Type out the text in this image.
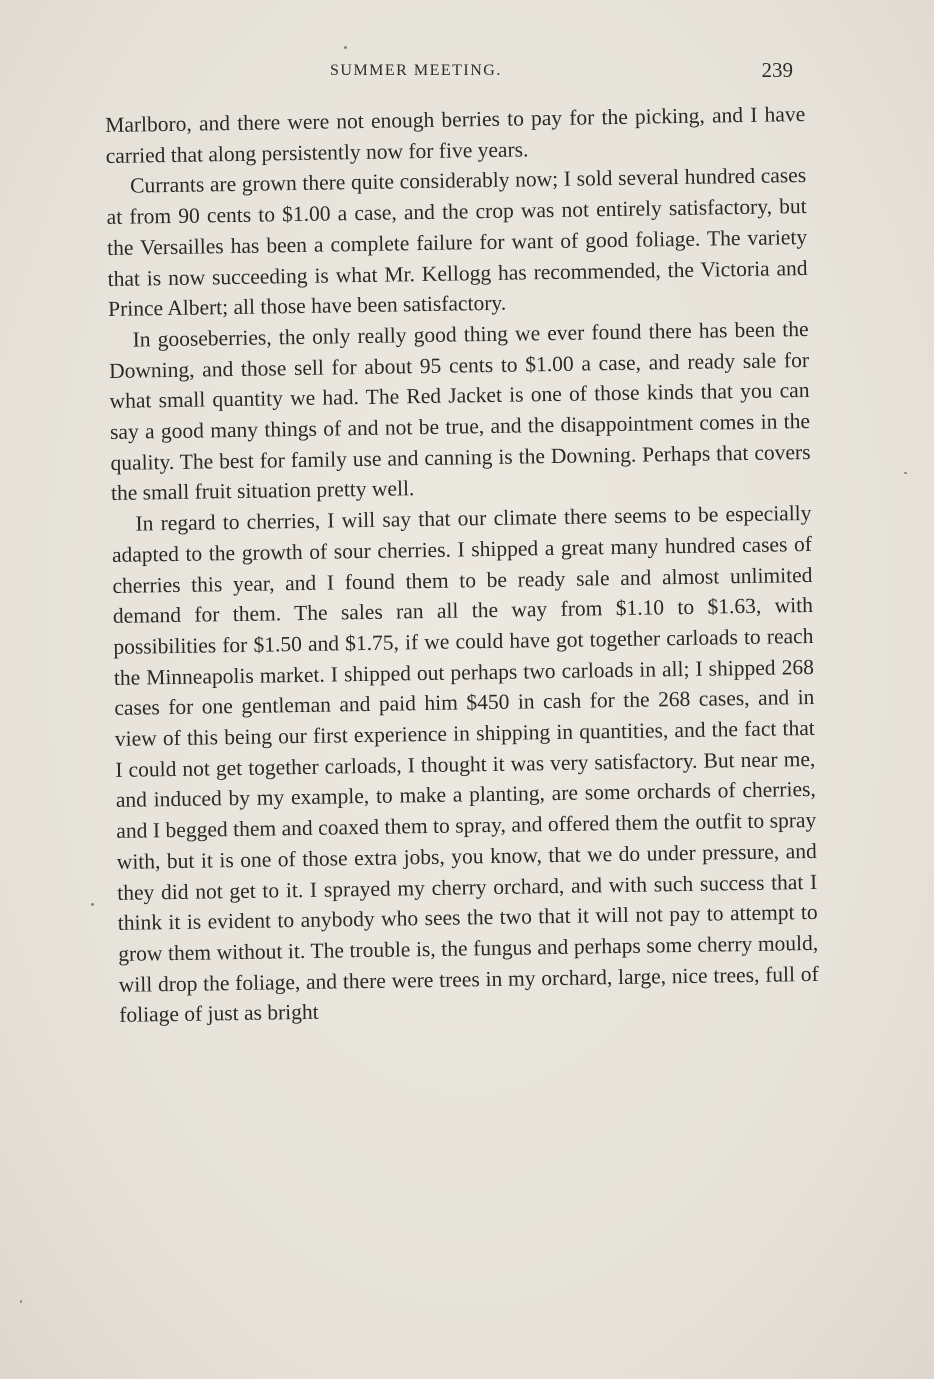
SUMMER MEETING.	239

Marlboro, and there were not enough berries to pay for the picking, and I have carried that along persistently now for five years.

Currants are grown there quite considerably now; I sold several hundred cases at from 90 cents to $1.00 a case, and the crop was not entirely satisfactory, but the Versailles has been a complete failure for want of good foliage. The variety that is now succeeding is what Mr. Kellogg has recommended, the Victoria and Prince Albert; all those have been satisfactory.

In gooseberries, the only really good thing we ever found there has been the Downing, and those sell for about 95 cents to $1.00 a case, and ready sale for what small quantity we had. The Red Jacket is one of those kinds that you can say a good many things of and not be true, and the disappointment comes in the quality. The best for family use and canning is the Downing. Perhaps that covers the small fruit situation pretty well.

In regard to cherries, I will say that our climate there seems to be especially adapted to the growth of sour cherries. I shipped a great many hundred cases of cherries this year, and I found them to be ready sale and almost unlimited demand for them. The sales ran all the way from $1.10 to $1.63, with possibilities for $1.50 and $1.75, if we could have got together carloads to reach the Minneapolis market. I shipped out perhaps two carloads in all; I shipped 268 cases for one gentleman and paid him $450 in cash for the 268 cases, and in view of this being our first experience in shipping in quantities, and the fact that I could not get together carloads, I thought it was very satisfactory. But near me, and induced by my example, to make a planting, are some orchards of cherries, and I begged them and coaxed them to spray, and offered them the outfit to spray with, but it is one of those extra jobs, you know, that we do under pressure, and they did not get to it. I sprayed my cherry orchard, and with such success that I think it is evident to anybody who sees the two that it will not pay to attempt to grow them without it. The trouble is, the fungus and perhaps some cherry mould, will drop the foliage, and there were trees in my orchard, large, nice trees, full of foliage of just as bright
